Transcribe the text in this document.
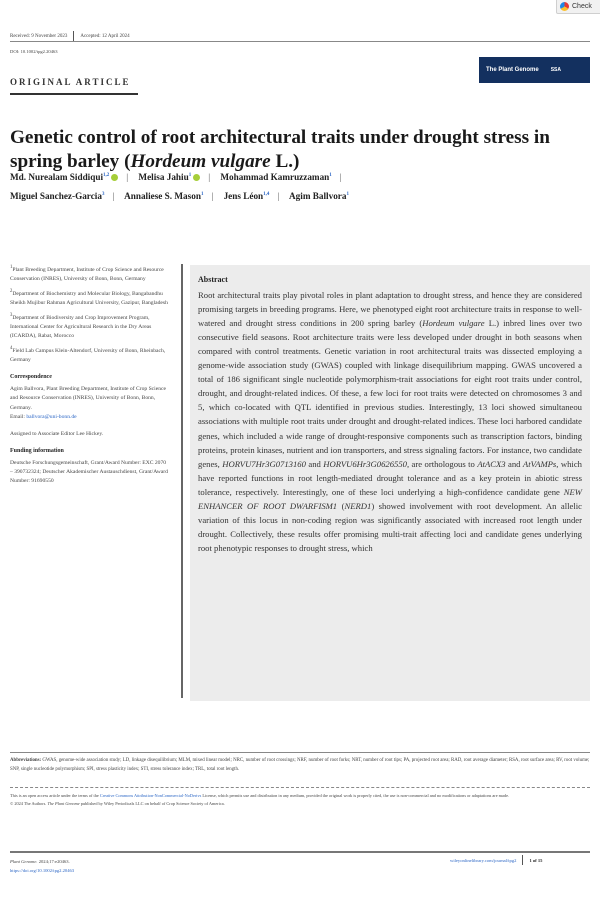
Check
Received: 9 November 2023	Accepted: 12 April 2024
DOI: 10.1002/tpg2.20463
ORIGINAL ARTICLE
The Plant Genome SSA
Genetic control of root architectural traits under drought stress in spring barley (Hordeum vulgare L.)
Md. Nurealam Siddiqui$^{1,2}$ | Melisa Jahiu$^1$ | Mohammad Kamruzzaman$^1$ |
Miguel Sanchez-Garcia$^3$ | Annaliese S. Mason$^1$ | Jens Léon$^{1,4}$ | Agim Ballvora$^1$

$^1$Plant Breeding Department, Institute of Crop Science and Resource Conservation (INRES), University of Bonn, Bonn, Germany

$^2$Department of Biochemistry and Molecular Biology, Bangabandhu Sheikh Mujibur Rahman Agricultural University, Gazipur, Bangladesh

$^3$Department of Biodiversity and Crop Improvement Program, International Center for Agricultural Research in the Dry Areas (ICARDA), Rabat, Morocco

$^4$Field Lab Campus Klein-Altendorf, University of Bonn, Rheinbach, Germany

Correspondence

Agim Ballvora, Plant Breeding Department, Institute of Crop Science and Resource Conservation (INRES), University of Bonn, Bonn, Germany.

Email: ballvora@uni-bonn.de

Assigned to Associate Editor Lee Hickey.

Funding information

Deutsche Forschungsgemeinschaft, Grant/Award Number: EXC 2070 – 390732324; Deutscher Akademischer Austauschdienst, Grant/Award Number: 91690550

Abstract
Root architectural traits play pivotal roles in plant adaptation to drought stress, and hence they are considered promising targets in breeding programs. Here, we phenotyped eight root architecture traits in response to well-watered and drought stress conditions in 200 spring barley (Hordeum vulgare L.) inbred lines over two consecutive field seasons. Root architecture traits were less developed under drought in both seasons when compared with control treatments. Genetic variation in root architectural traits was dissected employing a genome-wide association study (GWAS) coupled with linkage disequilibrium mapping. GWAS uncovered a total of 186 significant single nucleotide polymorphism-trait associations for eight root traits under control, drought, and drought-related indices. Of these, a few loci for root traits were detected on chromosomes 3 and 5, which co-located with QTL identified in previous studies. Interestingly, 13 loci showed simultaneou associations with multiple root traits under drought and drought-related indices. These loci harbored candidate genes, which included a wide range of drought-responsive components such as transcription factors, binding proteins, protein kinases, nutrient and ion transporters, and stress signaling factors. For instance, two candidate genes, HORVU7Hr3G0713160 and HORVU6Hr3G0626550, are orthologous to AtACX3 and AtVAMPs, which have reported functions in root length-mediated drought tolerance and as a key protein in abiotic stress tolerance, respectively. Interestingly, one of these loci underlying a high-confidence candidate gene NEW ENHANCER OF ROOT DWARFISM1 (NERD1) showed involvement with root development. An allelic variation of this locus in non-coding region was significantly associated with increased root length under drought. Collectively, these results offer promising multi-trait affecting loci and candidate genes underlying root phenotypic responses to drought stress, which
Abbreviations: GWAS, genome-wide association study; LD, linkage disequilibrium; MLM, mixed linear model; NRC, number of root crossings; NRF, number of root forks; NRT, number of root tips; PA, projected root area; RAD, root average diameter; RSA, root surface area; RV, root volume; SNP, single nucleotide polymorphism; SPI, stress plasticity index; STI, stress tolerance index; TRL, total root length.
This is an open access article under the terms of the Creative Commons Attribution-NonCommercial-NoDerivs License, which permits use and distribution in any medium, provided the original work is properly cited, the use is non-commercial and no modifications or adaptations are made.
© 2024 The Authors. The Plant Genome published by Wiley Periodicals LLC on behalf of Crop Science Society of America.
Plant Genome. 2024;17:e20463.
https://doi.org/10.1002/tpg2.20463
wileyonlinelibrary.com/journal/tpg2	1 of 15
